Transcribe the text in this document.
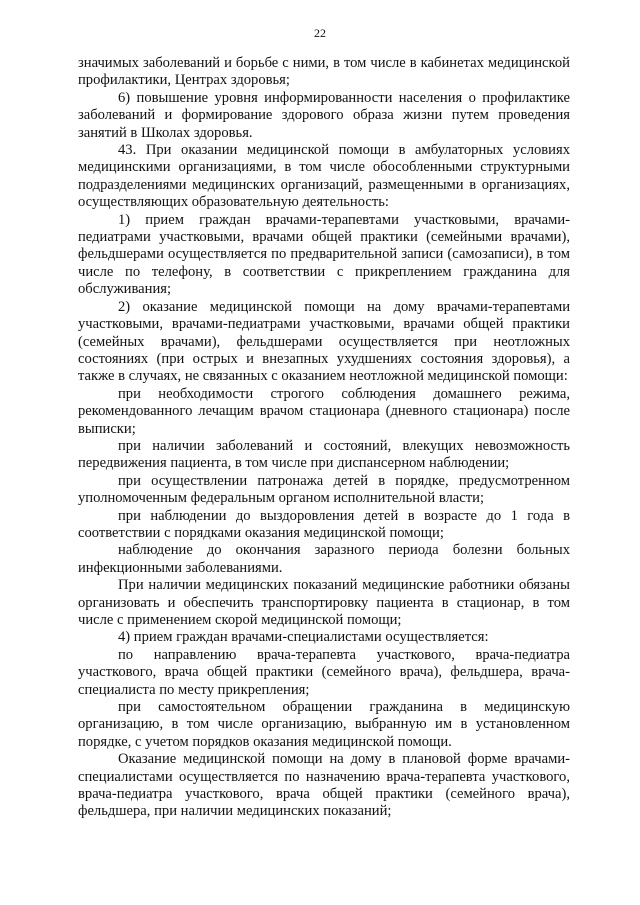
22

значимых заболеваний и борьбе с ними, в том числе в кабинетах медицинской профилактики, Центрах здоровья;

6) повышение уровня информированности населения о профилактике заболеваний и формирование здорового образа жизни путем проведения занятий в Школах здоровья.

43. При оказании медицинской помощи в амбулаторных условиях медицинскими организациями, в том числе обособленными структурными подразделениями медицинских организаций, размещенными в организациях, осуществляющих образовательную деятельность:

1) прием граждан врачами-терапевтами участковыми, врачами-педиатрами участковыми, врачами общей практики (семейными врачами), фельдшерами осуществляется по предварительной записи (самозаписи), в том числе по телефону, в соответствии с прикреплением гражданина для обслуживания;

2) оказание медицинской помощи на дому врачами-терапевтами участковыми, врачами-педиатрами участковыми, врачами общей практики (семейных врачами), фельдшерами осуществляется при неотложных состояниях (при острых и внезапных ухудшениях состояния здоровья), а также в случаях, не связанных с оказанием неотложной медицинской помощи:

при необходимости строгого соблюдения домашнего режима, рекомендованного лечащим врачом стационара (дневного стационара) после выписки;

при наличии заболеваний и состояний, влекущих невозможность передвижения пациента, в том числе при диспансерном наблюдении;

при осуществлении патронажа детей в порядке, предусмотренном уполномоченным федеральным органом исполнительной власти;

при наблюдении до выздоровления детей в возрасте до 1 года в соответствии с порядками оказания медицинской помощи;

наблюдение до окончания заразного периода болезни больных инфекционными заболеваниями.

При наличии медицинских показаний медицинские работники обязаны организовать и обеспечить транспортировку пациента в стационар, в том числе с применением скорой медицинской помощи;

4) прием граждан врачами-специалистами осуществляется:

по направлению врача-терапевта участкового, врача-педиатра участкового, врача общей практики (семейного врача), фельдшера, врача-специалиста по месту прикрепления;

при самостоятельном обращении гражданина в медицинскую организацию, в том числе организацию, выбранную им в установленном порядке, с учетом порядков оказания медицинской помощи.

Оказание медицинской помощи на дому в плановой форме врачами-специалистами осуществляется по назначению врача-терапевта участкового, врача-педиатра участкового, врача общей практики (семейного врача), фельдшера, при наличии медицинских показаний;
